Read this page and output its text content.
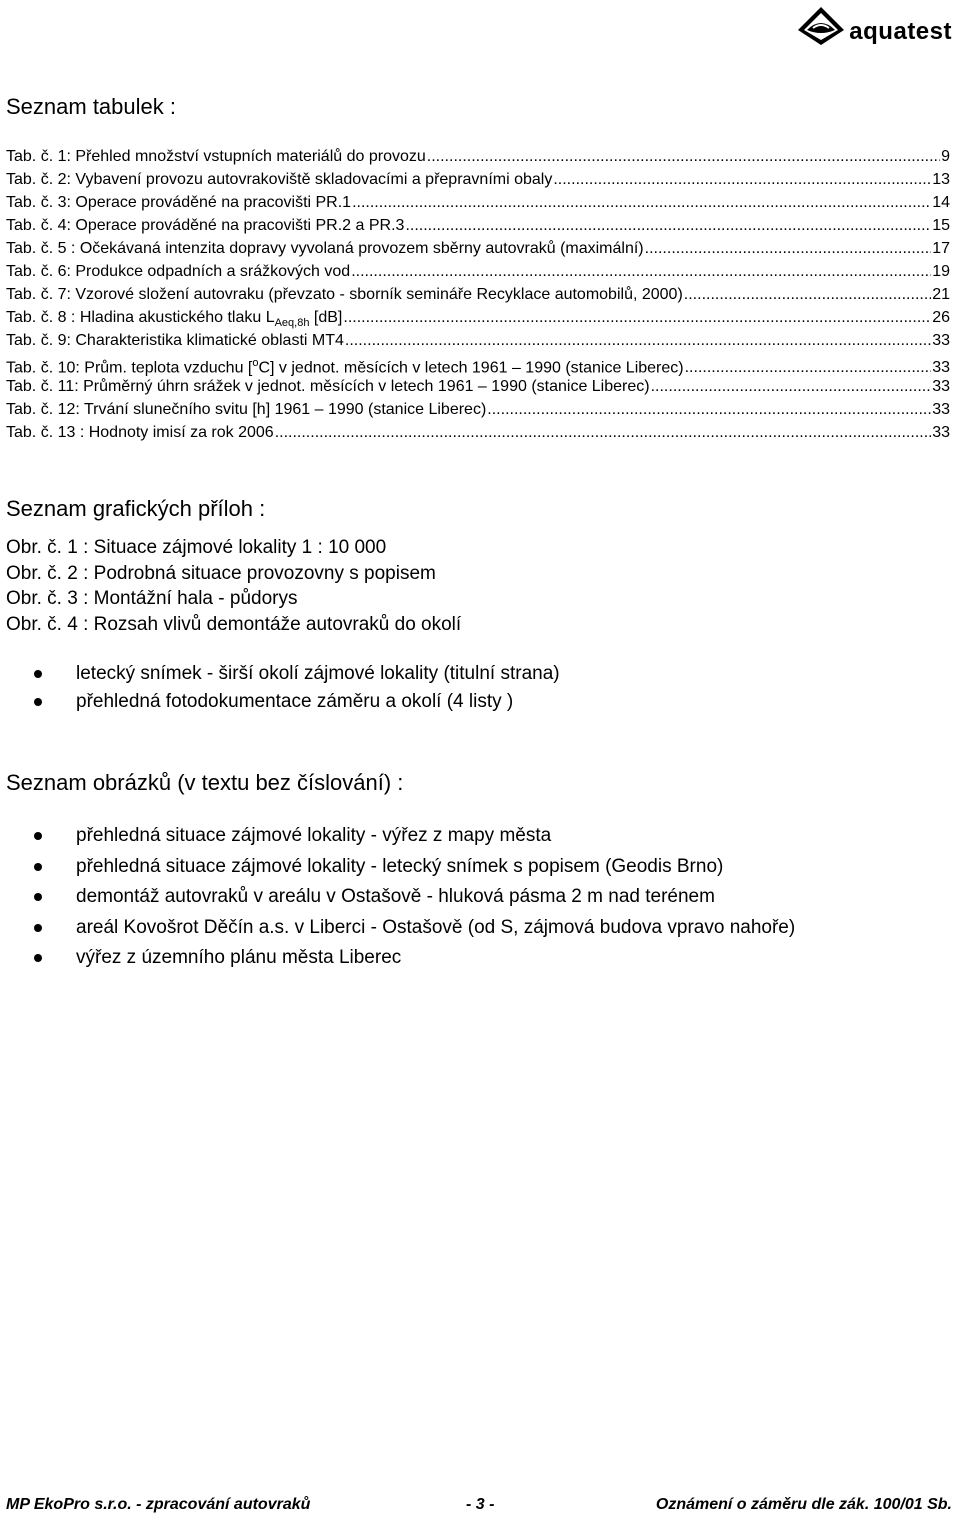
aquatest
Seznam tabulek :
Tab. č. 1: Přehled množství vstupních materiálů do provozu .....	9
Tab. č. 2: Vybavení provozu autovrakoviště skladovacími a přepravními obaly .....	13
Tab. č. 3: Operace prováděné na pracovišti PR.1 .....	14
Tab. č. 4: Operace prováděné na pracovišti PR.2 a PR.3 .....	15
Tab. č. 5 : Očekávaná intenzita dopravy vyvolaná provozem sběrny autovraků (maximální) .....	17
Tab. č. 6: Produkce odpadních a srážkových vod .....	19
Tab. č. 7: Vzorové složení autovraku (převzato - sborník semináře Recyklace automobilů, 2000) .....	21
Tab. č. 8 : Hladina akustického tlaku $L_{Aeq,8h}$ [dB] .....	26
Tab. č. 9: Charakteristika klimatické oblasti MT4 .....	33
Tab. č. 10: Prům. teplota vzduchu [$^o$C] v jednot. měsících v letech 1961 – 1990 (stanice Liberec) .....	33
Tab. č. 11: Průměrný úhrn srážek v jednot. měsících v letech 1961 – 1990 (stanice Liberec) .....	33
Tab. č. 12: Trvání slunečního svitu [h] 1961 – 1990 (stanice Liberec) .....	33
Tab. č. 13 : Hodnoty imisí za rok 2006 .....	33
Seznam grafických příloh :
Obr. č. 1 : Situace zájmové lokality 1 : 10 000
Obr. č. 2 : Podrobná situace provozovny s popisem
Obr. č. 3 : Montážní hala - půdorys
Obr. č. 4 : Rozsah vlivů demontáže autovraků do okolí
letecký snímek - širší okolí zájmové lokality (titulní strana)
přehledná fotodokumentace záměru a okolí (4 listy )
Seznam obrázků (v textu bez číslování) :
přehledná situace zájmové lokality - výřez z mapy města
přehledná situace zájmové lokality - letecký snímek s popisem (Geodis Brno)
demontáž autovraků v areálu v Ostašově - hluková pásma 2 m nad terénem
areál Kovošrot Děčín a.s. v Liberci - Ostašově (od S, zájmová budova vpravo nahoře)
výřez z územního plánu města Liberec
MP EkoPro s.r.o. - zpracování autovraků	- 3 -	Oznámení o záměru dle zák. 100/01 Sb.
